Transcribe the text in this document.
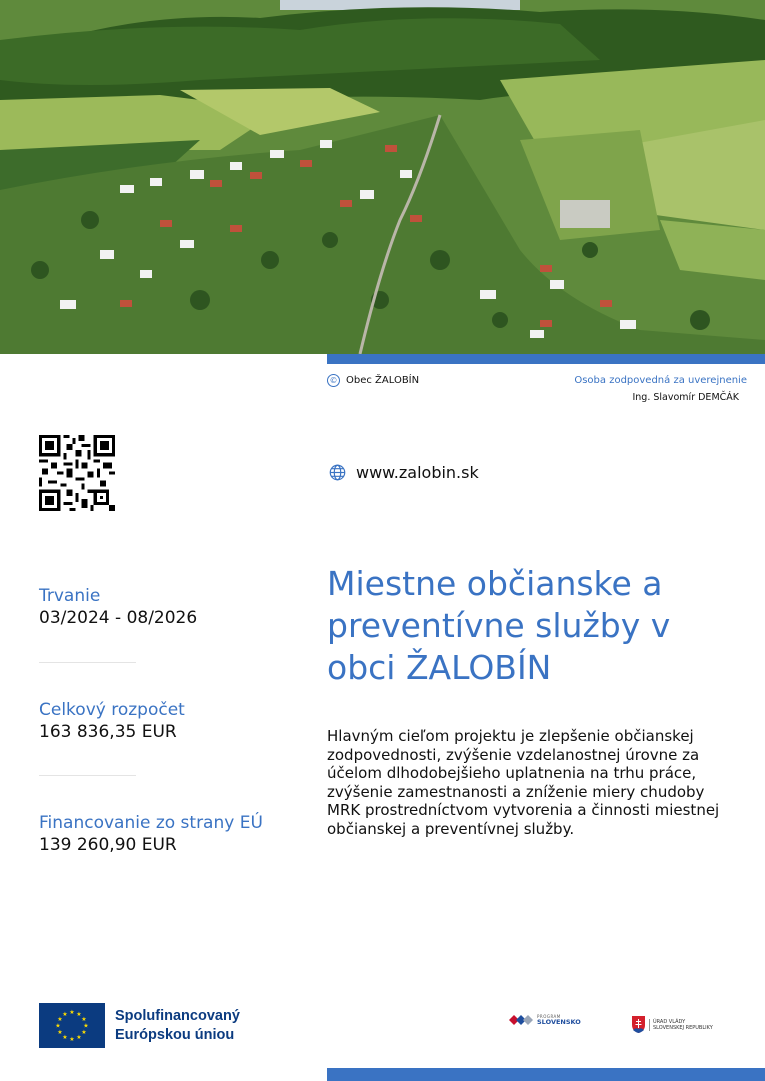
© Obec ŽALOBÍN	Osoba zodpovedná za uverejnenie
Ing. Slavomír DEMČÁK
www.zalobin.sk

Trvanie

03/2024 - 08/2026

Celkový rozpočet

163 836,35 EUR

Financovanie zo strany EÚ

139 260,90 EUR

Miestne občianske a preventívne služby v obci ŽALOBÍN

Hlavným cieľom projektu je zlepšenie občianskej zodpovednosti, zvýšenie vzdelanostnej úrovne za účelom dlhodobejšieho uplatnenia na trhu práce, zvýšenie zamestnanosti a zníženie miery chudoby MRK prostredníctvom vytvorenia a činnosti miestnej občianskej a preventívnej služby.

★ ★
★
★
★
★
★
★
★
★
★
★	Spolufinancovaný
Európskou úniou
PROGRAM
SLOVENSKO	ÚRAD VLÁDY
SLOVENSKEJ REPUBLIKY
